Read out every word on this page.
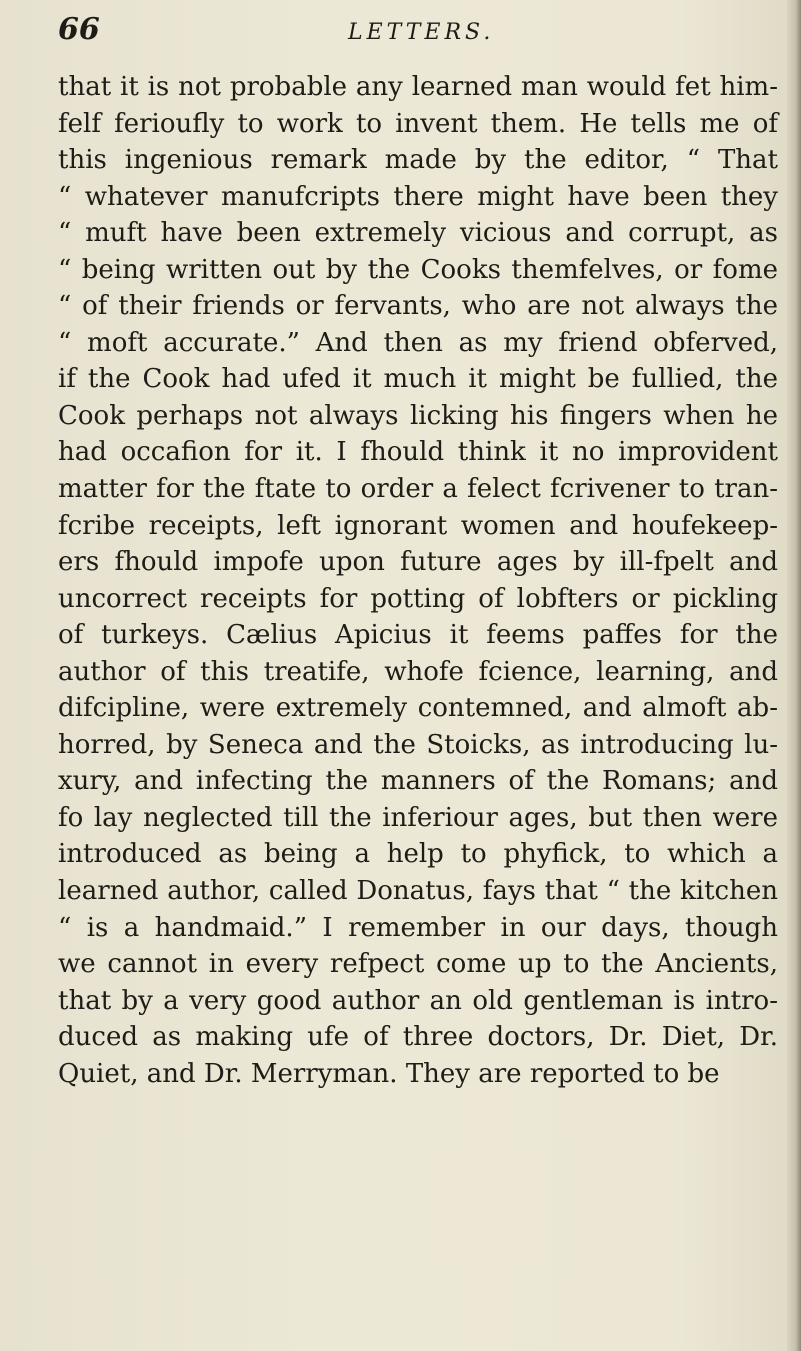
66	LETTERS.
that it is not probable any learned man would fet him-
felf ferioufly to work to invent them. He tells me of
this ingenious remark made by the editor, “ That
“ whatever manufcripts there might have been they
“ muft have been extremely vicious and corrupt, as
“ being written out by the Cooks themfelves, or fome
“ of their friends or fervants, who are not always the
“ moft accurate.” And then as my friend obferved,
if the Cook had ufed it much it might be fullied, the
Cook perhaps not always licking his fingers when he
had occafion for it. I fhould think it no improvident
matter for the ftate to order a felect fcrivener to tran-
fcribe receipts, left ignorant women and houfekeep-
ers fhould impofe upon future ages by ill-fpelt and
uncorrect receipts for potting of lobfters or pickling
of turkeys. Cælius Apicius it feems paffes for the
author of this treatife, whofe fcience, learning, and
difcipline, were extremely contemned, and almoft ab-
horred, by Seneca and the Stoicks, as introducing lu-
xury, and infecting the manners of the Romans; and
fo lay neglected till the inferiour ages, but then were
introduced as being a help to phyfick, to which a
learned author, called Donatus, fays that “ the kitchen
“ is a handmaid.” I remember in our days, though
we cannot in every refpect come up to the Ancients,
that by a very good author an old gentleman is intro-
duced as making ufe of three doctors, Dr. Diet, Dr.
Quiet, and Dr. Merryman. They are reported to be
